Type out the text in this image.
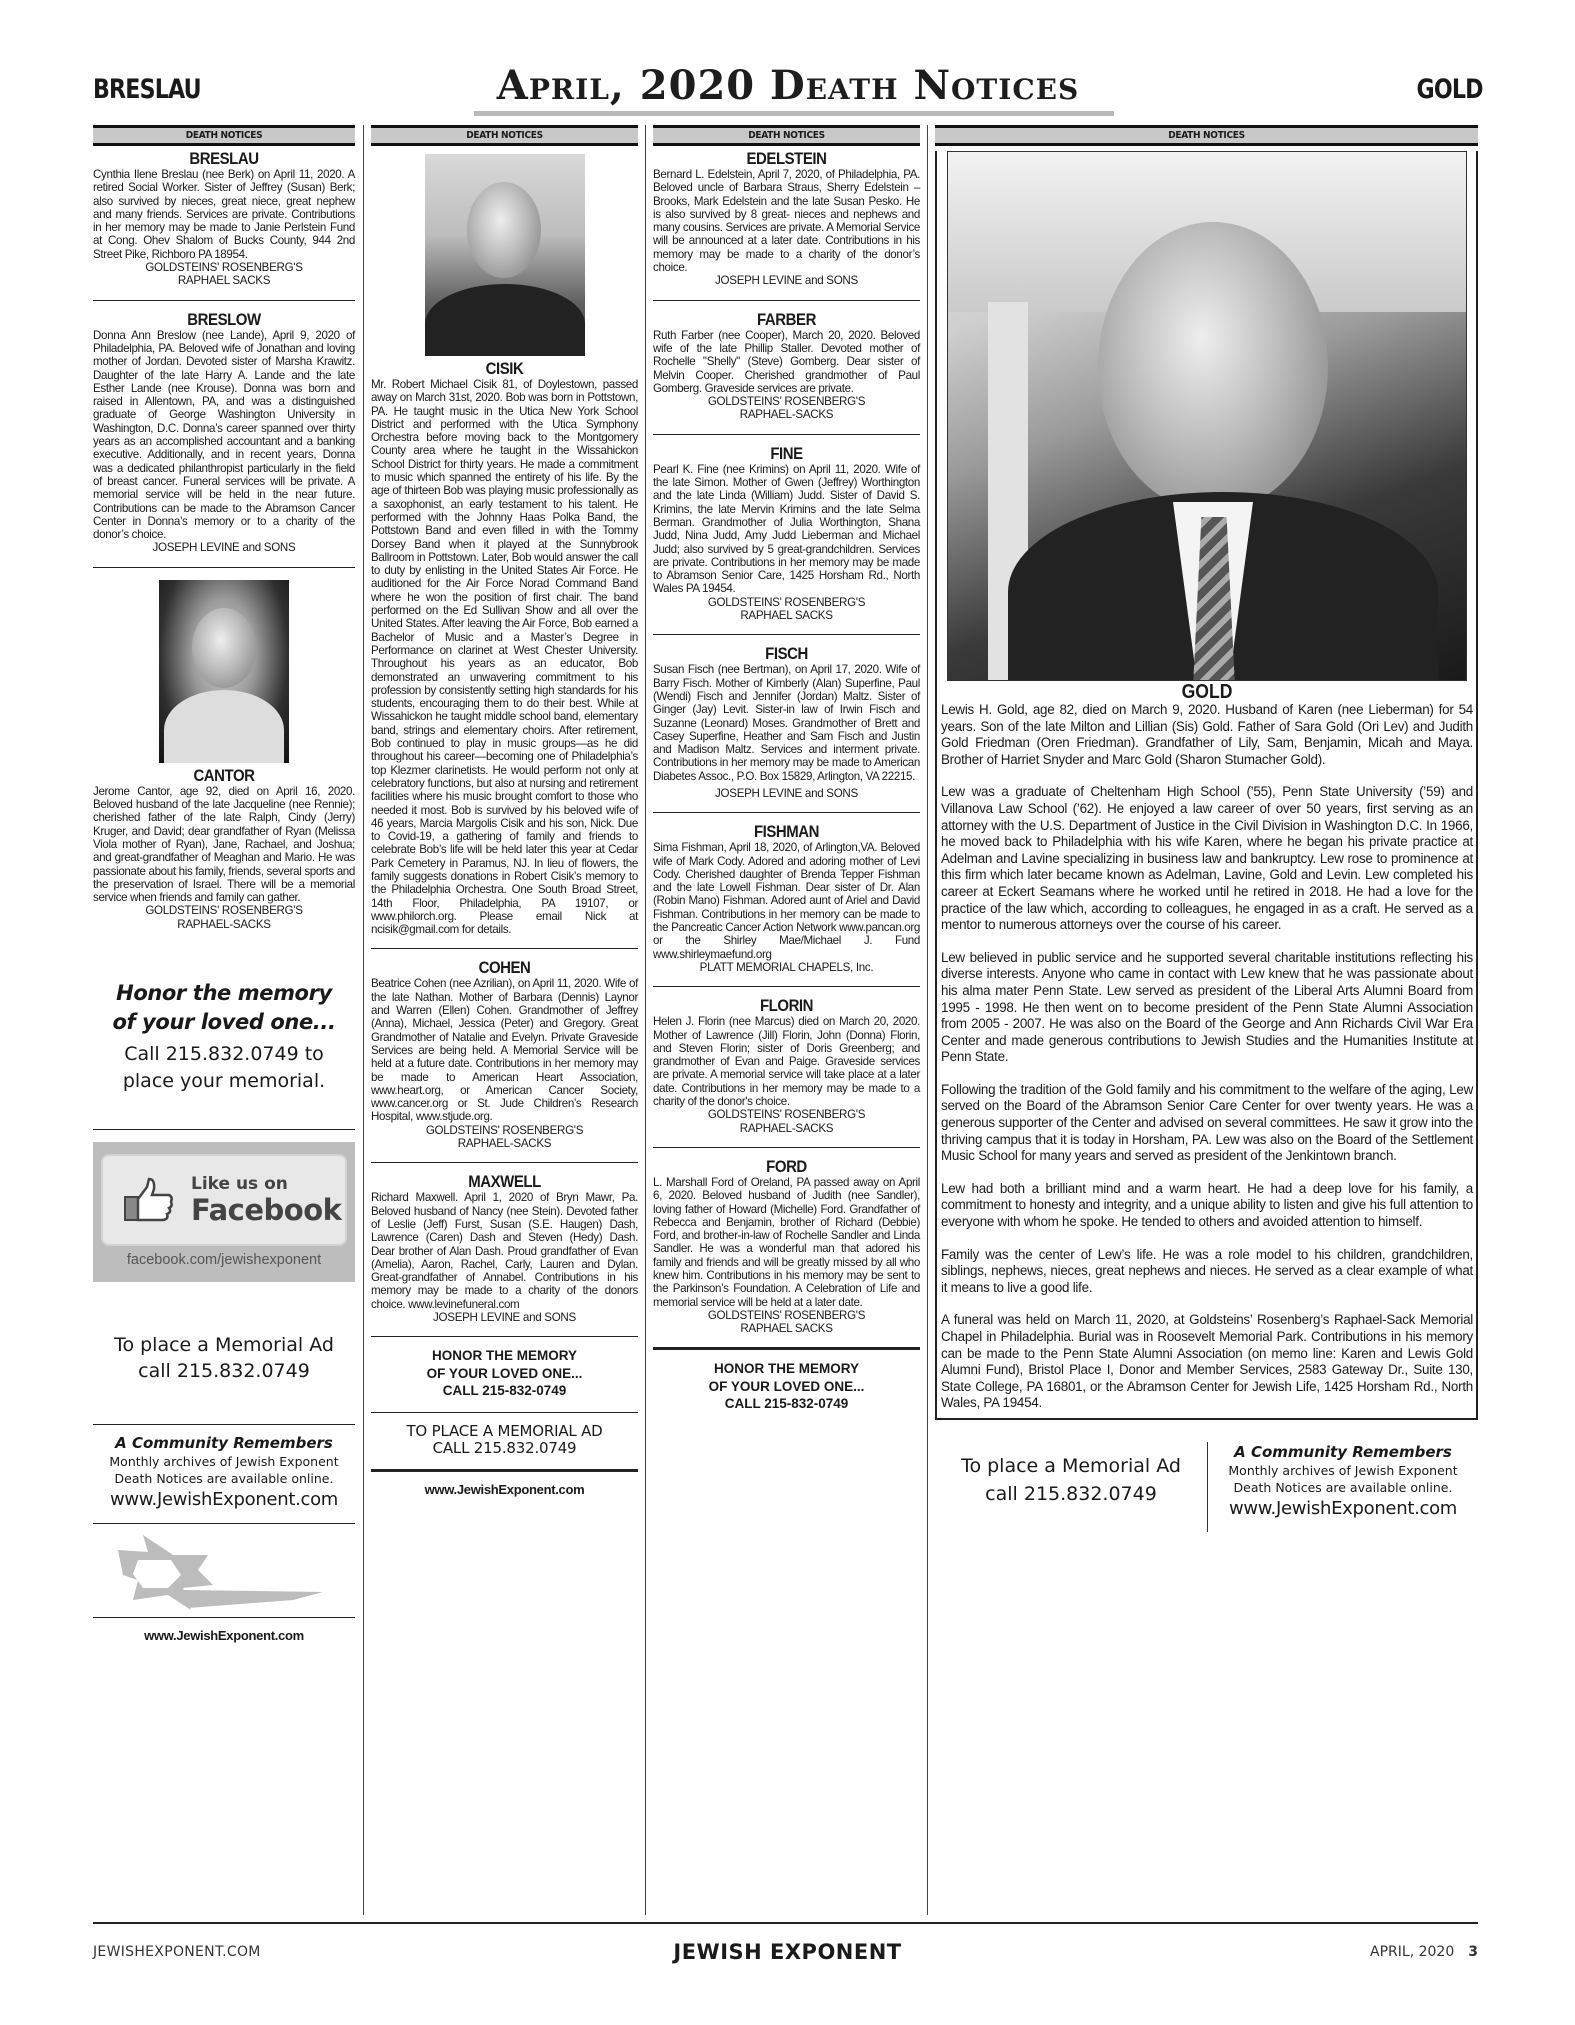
BRESLAU	April, 2020 Death Notices	GOLD
DEATH NOTICES
BRESLAU
Cynthia Ilene Breslau (nee Berk) on April 11, 2020. A retired Social Worker. Sister of Jeffrey (Susan) Berk; also survived by nieces, great niece, great nephew and many friends. Services are private. Contributions in her memory may be made to Janie Perlstein Fund at Cong. Ohev Shalom of Bucks County, 944 2nd Street Pike, Richboro PA 18954.
GOLDSTEINS' ROSENBERG'S
RAPHAEL SACKS
BRESLOW
Donna Ann Breslow (nee Lande), April 9, 2020 of Philadelphia, PA. Beloved wife of Jonathan and loving mother of Jordan. Devoted sister of Marsha Krawitz. Daughter of the late Harry A. Lande and the late Esther Lande (nee Krouse). Donna was born and raised in Allentown, PA, and was a distinguished graduate of George Washington University in Washington, D.C. Donna’s career spanned over thirty years as an accomplished accountant and a banking executive. Additionally, and in recent years, Donna was a dedicated philanthropist particularly in the field of breast cancer. Funeral services will be private. A memorial service will be held in the near future. Contributions can be made to the Abramson Cancer Center in Donna’s memory or to a charity of the donor’s choice.
JOSEPH LEVINE and SONS
CANTOR
Jerome Cantor, age 92, died on April 16, 2020. Beloved husband of the late Jacqueline (nee Rennie); cherished father of the late Ralph, Cindy (Jerry) Kruger, and David; dear grandfather of Ryan (Melissa Viola mother of Ryan), Jane, Rachael, and Joshua; and great-grandfather of Meaghan and Mario. He was passionate about his family, friends, several sports and the preservation of Israel. There will be a memorial service when friends and family can gather.
GOLDSTEINS' ROSENBERG'S
RAPHAEL-SACKS
Honor the memory
of your loved one...
Call 215.832.0749 to
place your memorial.
Like us on
Facebook
facebook.com/jewishexponent
To place a Memorial Ad
call 215.832.0749
A Community Remembers
Monthly archives of Jewish Exponent
Death Notices are available online.
www.JewishExponent.com
www.JewishExponent.com
DEATH NOTICES
CISIK
Mr. Robert Michael Cisik 81, of Doylestown, passed away on March 31st, 2020. Bob was born in Pottstown, PA. He taught music in the Utica New York School District and performed with the Utica Symphony Orchestra before moving back to the Montgomery County area where he taught in the Wissahickon School District for thirty years. He made a commitment to music which spanned the entirety of his life. By the age of thirteen Bob was playing music professionally as a saxophonist, an early testament to his talent. He performed with the Johnny Haas Polka Band, the Pottstown Band and even filled in with the Tommy Dorsey Band when it played at the Sunnybrook Ballroom in Pottstown. Later, Bob would answer the call to duty by enlisting in the United States Air Force. He auditioned for the Air Force Norad Command Band where he won the position of first chair. The band performed on the Ed Sullivan Show and all over the United States. After leaving the Air Force, Bob earned a Bachelor of Music and a Master’s Degree in Performance on clarinet at West Chester University. Throughout his years as an educator, Bob demonstrated an unwavering commitment to his profession by consistently setting high standards for his students, encouraging them to do their best. While at Wissahickon he taught middle school band, elementary band, strings and elementary choirs. After retirement, Bob continued to play in music groups—as he did throughout his career—becoming one of Philadelphia’s top Klezmer clarinetists. He would perform not only at celebratory functions, but also at nursing and retirement facilities where his music brought comfort to those who needed it most. Bob is survived by his beloved wife of 46 years, Marcia Margolis Cisik and his son, Nick. Due to Covid-19, a gathering of family and friends to celebrate Bob’s life will be held later this year at Cedar Park Cemetery in Paramus, NJ. In lieu of flowers, the family suggests donations in Robert Cisik’s memory to the Philadelphia Orchestra. One South Broad Street, 14th Floor, Philadelphia, PA 19107, or www.philorch.org. Please email Nick at ncisik@gmail.com for details.
COHEN
Beatrice Cohen (nee Azrilian), on April 11, 2020. Wife of the late Nathan. Mother of Barbara (Dennis) Laynor and Warren (Ellen) Cohen. Grandmother of Jeffrey (Anna), Michael, Jessica (Peter) and Gregory. Great Grandmother of Natalie and Evelyn. Private Graveside Services are being held. A Memorial Service will be held at a future date. Contributions in her memory may be made to American Heart Association, www.heart.org, or American Cancer Society, www.cancer.org or St. Jude Children’s Research Hospital, www.stjude.org.
GOLDSTEINS' ROSENBERG'S
RAPHAEL-SACKS
MAXWELL
Richard Maxwell. April 1, 2020 of Bryn Mawr, Pa. Beloved husband of Nancy (nee Stein). Devoted father of Leslie (Jeff) Furst, Susan (S.E. Haugen) Dash, Lawrence (Caren) Dash and Steven (Hedy) Dash. Dear brother of Alan Dash. Proud grandfather of Evan (Amelia), Aaron, Rachel, Carly, Lauren and Dylan. Great-grandfather of Annabel. Contributions in his memory may be made to a charity of the donors choice. www.levinefuneral.com
JOSEPH LEVINE and SONS
HONOR THE MEMORY
OF YOUR LOVED ONE...
CALL 215-832-0749
TO PLACE A MEMORIAL AD
CALL 215.832.0749
www.JewishExponent.com
DEATH NOTICES
EDELSTEIN
Bernard L. Edelstein, April 7, 2020, of Philadelphia, PA. Beloved uncle of Barbara Straus, Sherry Edelstein – Brooks, Mark Edelstein and the late Susan Pesko. He is also survived by 8 great- nieces and nephews and many cousins. Services are private. A Memorial Service will be announced at a later date. Contributions in his memory may be made to a charity of the donor’s choice.
JOSEPH LEVINE and SONS
FARBER
Ruth Farber (nee Cooper), March 20, 2020. Beloved wife of the late Phillip Staller. Devoted mother of Rochelle "Shelly" (Steve) Gomberg. Dear sister of Melvin Cooper. Cherished grandmother of Paul Gomberg. Graveside services are private.
GOLDSTEINS' ROSENBERG'S
RAPHAEL-SACKS
FINE
Pearl K. Fine (nee Krimins) on April 11, 2020. Wife of the late Simon. Mother of Gwen (Jeffrey) Worthington and the late Linda (William) Judd. Sister of David S. Krimins, the late Mervin Krimins and the late Selma Berman. Grandmother of Julia Worthington, Shana Judd, Nina Judd, Amy Judd Lieberman and Michael Judd; also survived by 5 great-grandchildren. Services are private. Contributions in her memory may be made to Abramson Senior Care, 1425 Horsham Rd., North Wales PA 19454.
GOLDSTEINS' ROSENBERG'S
RAPHAEL SACKS
FISCH
Susan Fisch (nee Bertman), on April 17, 2020. Wife of Barry Fisch. Mother of Kimberly (Alan) Superfine, Paul (Wendi) Fisch and Jennifer (Jordan) Maltz. Sister of Ginger (Jay) Levit. Sister-in law of Irwin Fisch and Suzanne (Leonard) Moses. Grandmother of Brett and Casey Superfine, Heather and Sam Fisch and Justin and Madison Maltz. Services and interment private. Contributions in her memory may be made to American Diabetes Assoc., P.O. Box 15829, Arlington, VA 22215.
JOSEPH LEVINE and SONS
FISHMAN
Sima Fishman, April 18, 2020, of Arlington,VA. Beloved wife of Mark Cody. Adored and adoring mother of Levi Cody. Cherished daughter of Brenda Tepper Fishman and the late Lowell Fishman. Dear sister of Dr. Alan (Robin Mano) Fishman. Adored aunt of Ariel and David Fishman. Contributions in her memory can be made to the Pancreatic Cancer Action Network www.pancan.org or the Shirley Mae/Michael J. Fund www.shirleymaefund.org
PLATT MEMORIAL CHAPELS, Inc.
FLORIN
Helen J. Florin (nee Marcus) died on March 20, 2020. Mother of Lawrence (Jill) Florin, John (Donna) Florin, and Steven Florin; sister of Doris Greenberg; and grandmother of Evan and Paige. Graveside services are private. A memorial service will take place at a later date. Contributions in her memory may be made to a charity of the donor's choice.
GOLDSTEINS' ROSENBERG'S
RAPHAEL-SACKS
FORD
L. Marshall Ford of Oreland, PA passed away on April 6, 2020. Beloved husband of Judith (nee Sandler), loving father of Howard (Michelle) Ford. Grandfather of Rebecca and Benjamin, brother of Richard (Debbie) Ford, and brother-in-law of Rochelle Sandler and Linda Sandler. He was a wonderful man that adored his family and friends and will be greatly missed by all who knew him. Contributions in his memory may be sent to the Parkinson’s Foundation. A Celebration of Life and memorial service will be held at a later date.
GOLDSTEINS' ROSENBERG'S
RAPHAEL SACKS
HONOR THE MEMORY
OF YOUR LOVED ONE...
CALL 215-832-0749
DEATH NOTICES
GOLD

Lewis H. Gold, age 82, died on March 9, 2020. Husband of Karen (nee Lieberman) for 54 years. Son of the late Milton and Lillian (Sis) Gold. Father of Sara Gold (Ori Lev) and Judith Gold Friedman (Oren Friedman). Grandfather of Lily, Sam, Benjamin, Micah and Maya. Brother of Harriet Snyder and Marc Gold (Sharon Stumacher Gold).

Lew was a graduate of Cheltenham High School (’55), Penn State University (’59) and Villanova Law School (’62). He enjoyed a law career of over 50 years, first serving as an attorney with the U.S. Department of Justice in the Civil Division in Washington D.C. In 1966, he moved back to Philadelphia with his wife Karen, where he began his private practice at Adelman and Lavine specializing in business law and bankruptcy. Lew rose to prominence at this firm which later became known as Adelman, Lavine, Gold and Levin. Lew completed his career at Eckert Seamans where he worked until he retired in 2018. He had a love for the practice of the law which, according to colleagues, he engaged in as a craft. He served as a mentor to numerous attorneys over the course of his career.

Lew believed in public service and he supported several charitable institutions reflecting his diverse interests. Anyone who came in contact with Lew knew that he was passionate about his alma mater Penn State. Lew served as president of the Liberal Arts Alumni Board from 1995 - 1998. He then went on to become president of the Penn State Alumni Association from 2005 - 2007. He was also on the Board of the George and Ann Richards Civil War Era Center and made generous contributions to Jewish Studies and the Humanities Institute at Penn State.

Following the tradition of the Gold family and his commitment to the welfare of the aging, Lew served on the Board of the Abramson Senior Care Center for over twenty years. He was a generous supporter of the Center and advised on several committees. He saw it grow into the thriving campus that it is today in Horsham, PA. Lew was also on the Board of the Settlement Music School for many years and served as president of the Jenkintown branch.

Lew had both a brilliant mind and a warm heart. He had a deep love for his family, a commitment to honesty and integrity, and a unique ability to listen and give his full attention to everyone with whom he spoke. He tended to others and avoided attention to himself.

Family was the center of Lew’s life. He was a role model to his children, grandchildren, siblings, nephews, nieces, great nephews and nieces. He served as a clear example of what it means to live a good life.

A funeral was held on March 11, 2020, at Goldsteins’ Rosenberg’s Raphael-Sack Memorial Chapel in Philadelphia. Burial was in Roosevelt Memorial Park. Contributions in his memory can be made to the Penn State Alumni Association (on memo line: Karen and Lewis Gold Alumni Fund), Bristol Place I, Donor and Member Services, 2583 Gateway Dr., Suite 130, State College, PA 16801, or the Abramson Center for Jewish Life, 1425 Horsham Rd., North Wales, PA 19454.

To place a Memorial Ad
call 215.832.0749
A Community Remembers
Monthly archives of Jewish Exponent
Death Notices are available online.
www.JewishExponent.com
JEWISHEXPONENT.COM	JEWISH EXPONENT	APRIL, 2020 3
